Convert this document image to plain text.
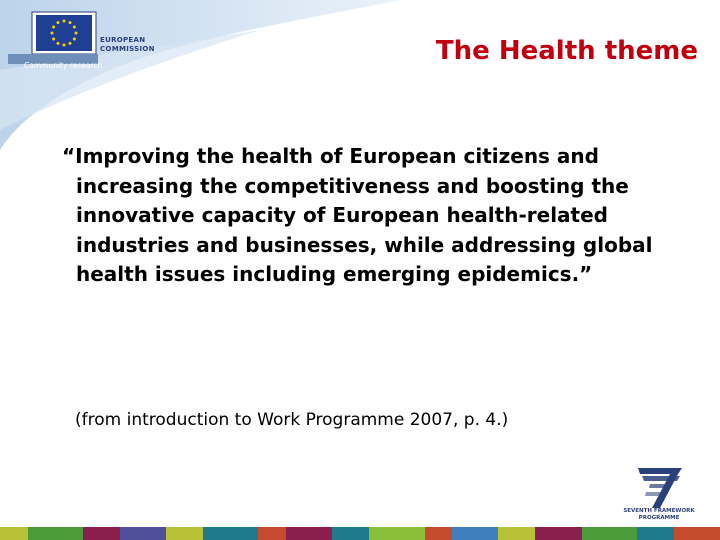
EUROPEAN
COMMISSION
Community research	The Health theme
“Improving the health of European citizens and increasing the competitiveness and boosting the innovative capacity of European health-related industries and businesses, while addressing global health issues including emerging epidemics.”
(from introduction to Work Programme 2007, p. 4.)
SEVENTH FRAMEWORK
PROGRAMME
